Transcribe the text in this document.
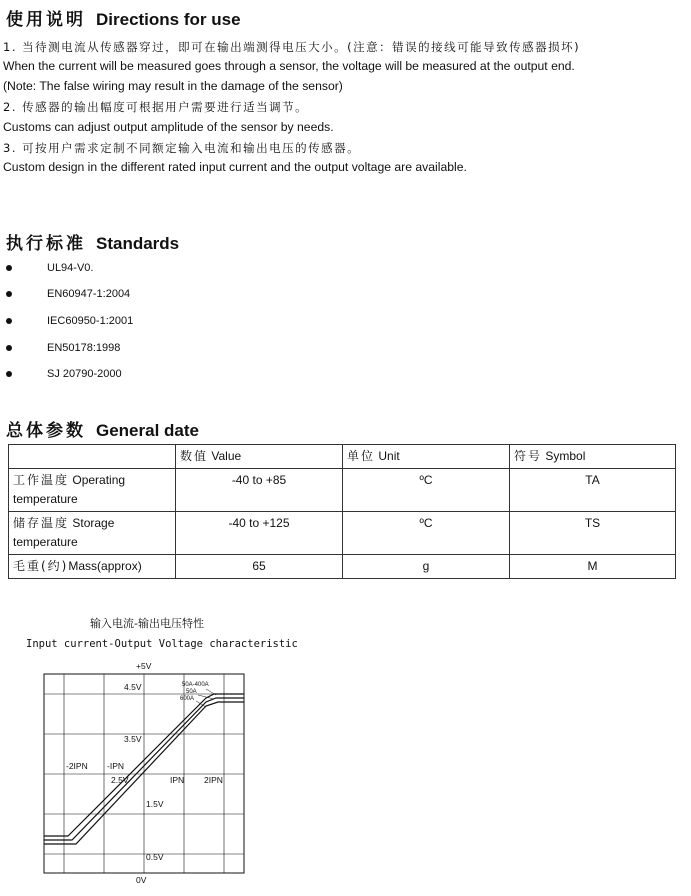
使用说明 Directions for use
1. 当待测电流从传感器穿过，即可在输出端测得电压大小。(注意：错误的接线可能导致传感器损坏)
When the current will be measured goes through a sensor, the voltage will be measured at the output end.
(Note: The false wiring may result in the damage of the sensor)
2. 传感器的输出幅度可根据用户需要进行适当调节。
Customs can adjust output amplitude of the sensor by needs.
3. 可按用户需求定制不同额定输入电流和输出电压的传感器。
Custom design in the different rated input current and the output voltage are available.
执行标准 Standards
UL94-V0.
EN60947-1:2004
IEC60950-1:2001
EN50178:1998
SJ 20790-2000
总体参数 General date
	数值 Value	单位 Unit	符号 Symbol
工作温度 Operating
temperature	-40 to +85	ºC	TA
储存温度 Storage
temperature	-40 to +125	ºC	TS
毛重(约)Mass(approx)	65	g	M
输入电流-输出电压特性
Input current-Output Voltage characteristic
+5V
4.5V
3.5V
-2IPN -IPN
2.5V	IPN 2IPN
1.5V
0.5V
0V
50A-400A
50A
600A
